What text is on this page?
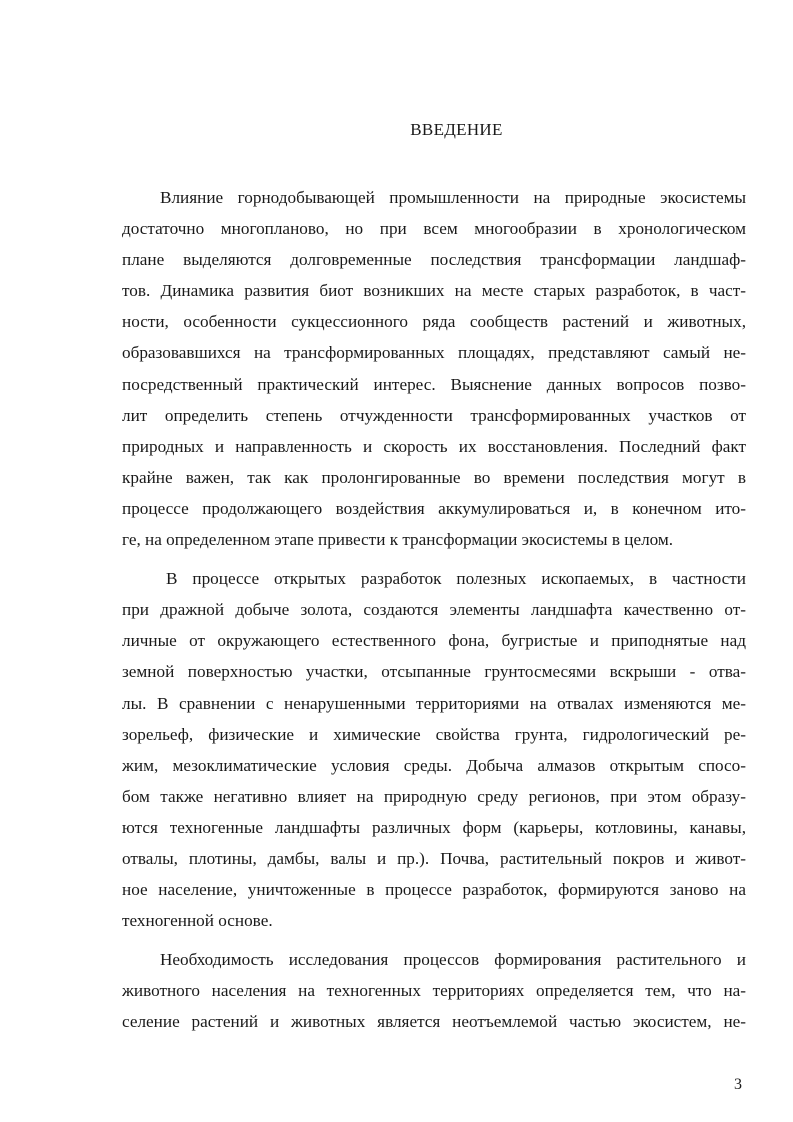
ВВЕДЕНИЕ
Влияние горнодобывающей промышленности на природные экосистемы
достаточно многопланово, но при всем многообразии в хронологическом
плане выделяются долговременные последствия трансформации ландшаф-
тов. Динамика развития биот возникших на месте старых разработок, в част-
ности, особенности сукцессионного ряда сообществ растений и животных,
образовавшихся на трансформированных площадях, представляют самый не-
посредственный практический интерес. Выяснение данных вопросов позво-
лит определить степень отчужденности трансформированных участков от
природных и направленность и скорость их восстановления. Последний факт
крайне важен, так как пролонгированные во времени последствия могут в
процессе продолжающего воздействия аккумулироваться и, в конечном ито-
ге, на определенном этапе привести к трансформации экосистемы в целом.
В процессе открытых разработок полезных ископаемых, в частности
при дражной добыче золота, создаются элементы ландшафта качественно от-
личные от окружающего естественного фона, бугристые и приподнятые над
земной поверхностью участки, отсыпанные грунтосмесями вскрыши - отва-
лы. В сравнении с ненарушенными территориями на отвалах изменяются ме-
зорельеф, физические и химические свойства грунта, гидрологический ре-
жим, мезоклиматические условия среды. Добыча алмазов открытым спосо-
бом также негативно влияет на природную среду регионов, при этом образу-
ются техногенные ландшафты различных форм (карьеры, котловины, канавы,
отвалы, плотины, дамбы, валы и пр.). Почва, растительный покров и живот-
ное население, уничтоженные в процессе разработок, формируются заново на
техногенной основе.
Необходимость исследования процессов формирования растительного и
животного населения на техногенных территориях определяется тем, что на-
селение растений и животных является неотъемлемой частью экосистем, не-
3
